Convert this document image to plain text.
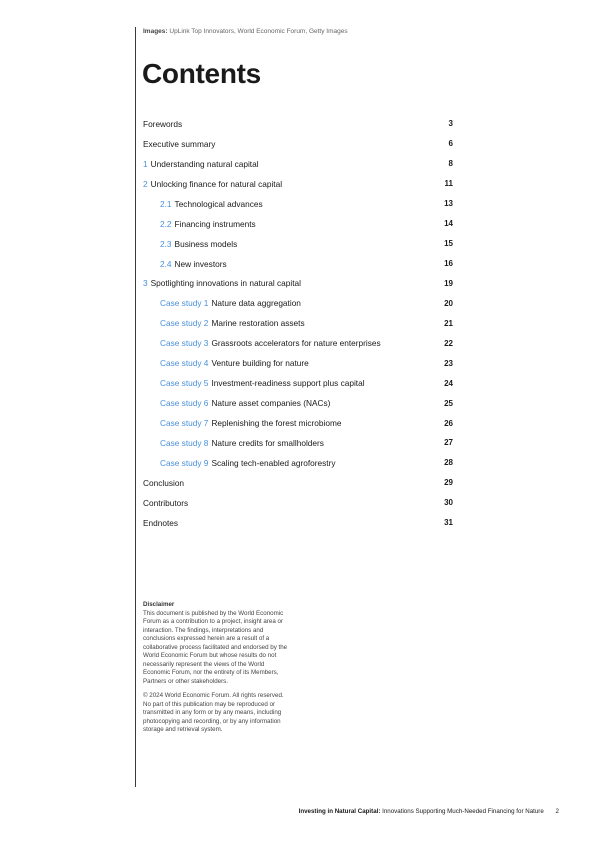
Images: UpLink Top Innovators, World Economic Forum, Getty Images
Contents
Forewords	3
Executive summary	6
1 Understanding natural capital	8
2 Unlocking finance for natural capital	11
2.1 Technological advances	13
2.2 Financing instruments	14
2.3 Business models	15
2.4 New investors	16
3 Spotlighting innovations in natural capital	19
Case study 1 Nature data aggregation	20
Case study 2 Marine restoration assets	21
Case study 3 Grassroots accelerators for nature enterprises	22
Case study 4 Venture building for nature	23
Case study 5 Investment-readiness support plus capital	24
Case study 6 Nature asset companies (NACs)	25
Case study 7 Replenishing the forest microbiome	26
Case study 8 Nature credits for smallholders	27
Case study 9 Scaling tech-enabled agroforestry	28
Conclusion	29
Contributors	30
Endnotes	31

Disclaimer

This document is published by the World Economic Forum as a contribution to a project, insight area or interaction. The findings, interpretations and conclusions expressed herein are a result of a collaborative process facilitated and endorsed by the World Economic Forum but whose results do not necessarily represent the views of the World Economic Forum, nor the entirety of its Members, Partners or other stakeholders.

© 2024 World Economic Forum. All rights reserved. No part of this publication may be reproduced or transmitted in any form or by any means, including photocopying and recording, or by any information storage and retrieval system.

Investing in Natural Capital: Innovations Supporting Much-Needed Financing for Nature 2
